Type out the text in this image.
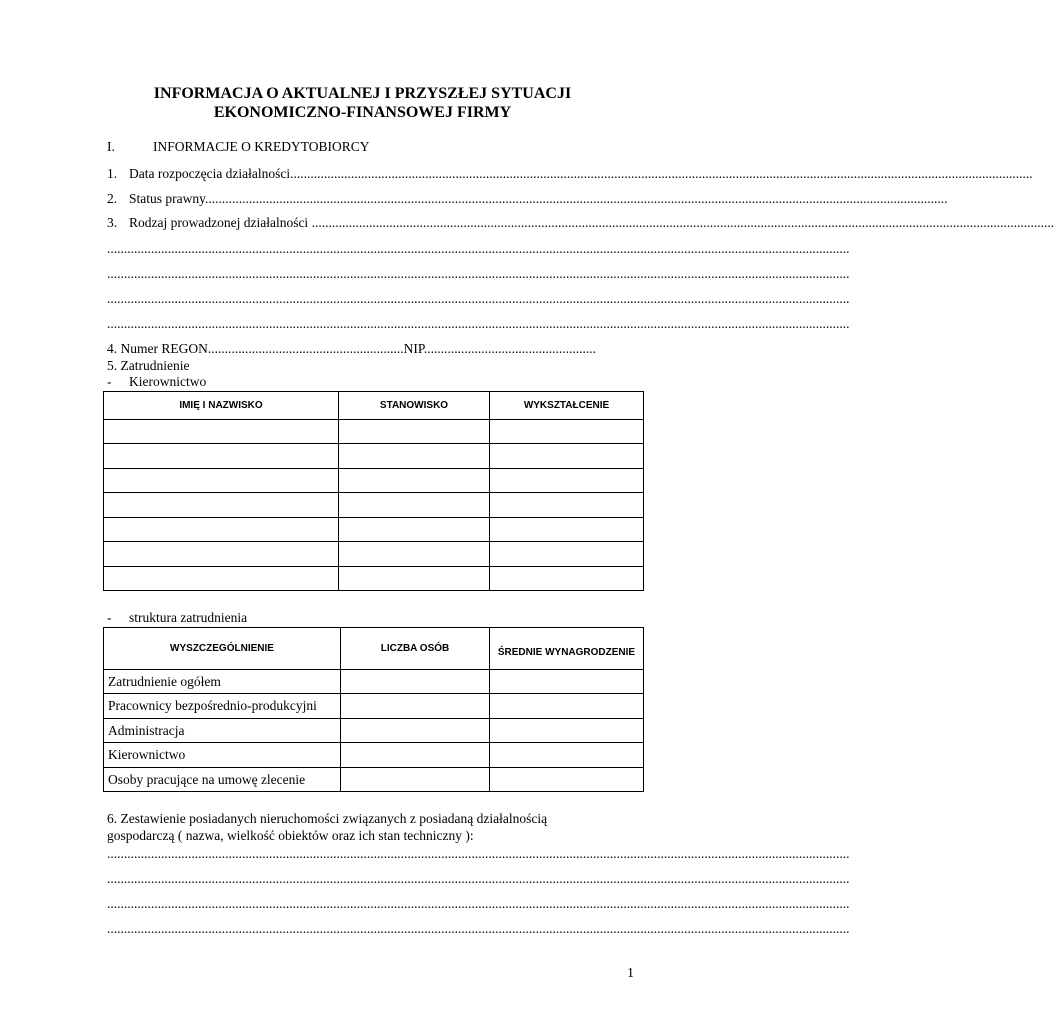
INFORMACJA O AKTUALNEJ I PRZYSZŁEJ SYTUACJI
EKONOMICZNO-FINANSOWEJ FIRMY
I.	INFORMACJE O KREDYTOBIORCY
1. Data rozpoczęcia działalności............................................................................................................................................................................................................................
2. Status prawny............................................................................................................................................................................................................................
3. Rodzaj prowadzonej działalności ............................................................................................................................................................................................................................
............................................................................................................................................................................................................................
............................................................................................................................................................................................................................
............................................................................................................................................................................................................................
............................................................................................................................................................................................................................
4. Numer REGON..........................................................NIP...................................................
5. Zatrudnienie
- Kierownictwo
IMIĘ I NAZWISKO	STANOWISKO	WYKSZTAŁCENIE

- struktura zatrudnienia
WYSZCZEGÓLNIENIE	LICZBA OSÓB	ŚREDNIE WYNAGRODZENIE
Zatrudnienie ogółem		
Pracownicy bezpośrednio-produkcyjni		
Administracja		
Kierownictwo		
Osoby pracujące na umowę zlecenie		
6. Zestawienie posiadanych nieruchomości związanych z posiadaną działalnością
gospodarczą ( nazwa, wielkość obiektów oraz ich stan techniczny ):
............................................................................................................................................................................................................................
............................................................................................................................................................................................................................
............................................................................................................................................................................................................................
............................................................................................................................................................................................................................
1
